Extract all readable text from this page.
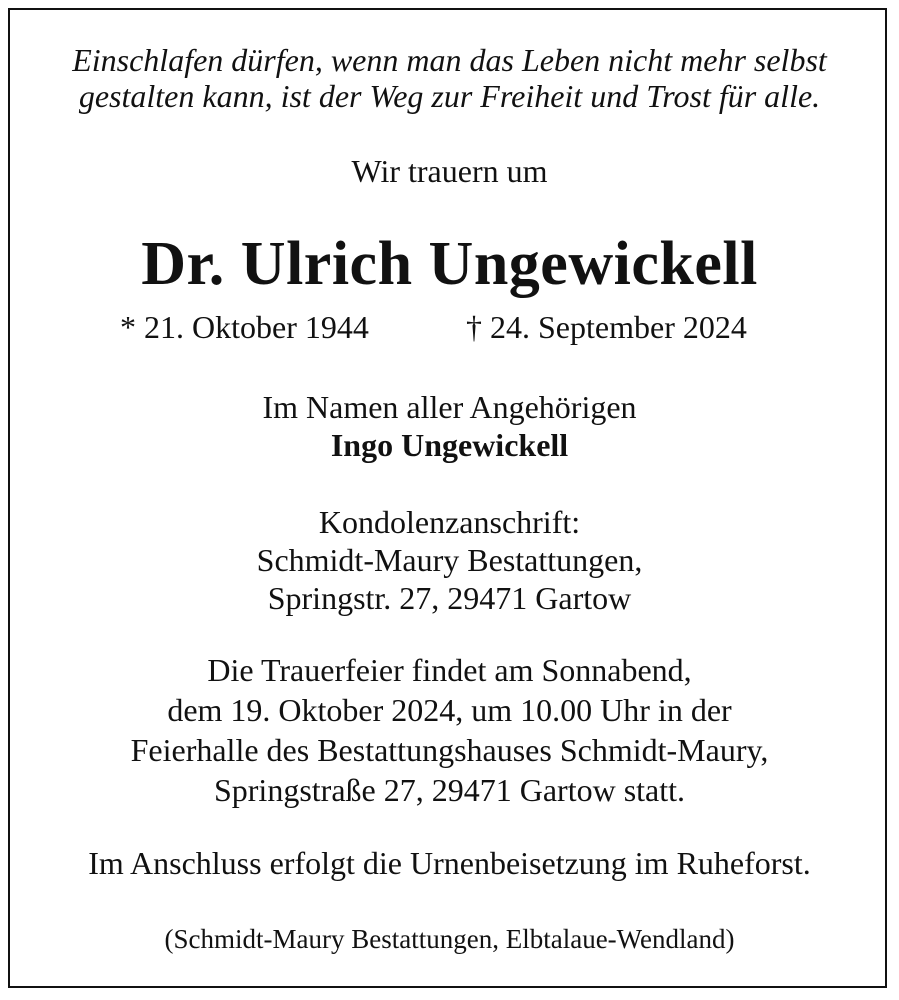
Einschlafen dürfen, wenn man das Leben nicht mehr selbst
gestalten kann, ist der Weg zur Freiheit und Trost für alle.
Wir trauern um
Dr. Ulrich Ungewickell
* 21. Oktober 1944	† 24. September 2024
Im Namen aller Angehörigen
Ingo Ungewickell
Kondolenzanschrift:
Schmidt-Maury Bestattungen,
Springstr. 27, 29471 Gartow
Die Trauerfeier findet am Sonnabend,
dem 19. Oktober 2024, um 10.00 Uhr in der
Feierhalle des Bestattungshauses Schmidt-Maury,
Springstraße 27, 29471 Gartow statt.
Im Anschluss erfolgt die Urnenbeisetzung im Ruheforst.
(Schmidt-Maury Bestattungen, Elbtalaue-Wendland)
